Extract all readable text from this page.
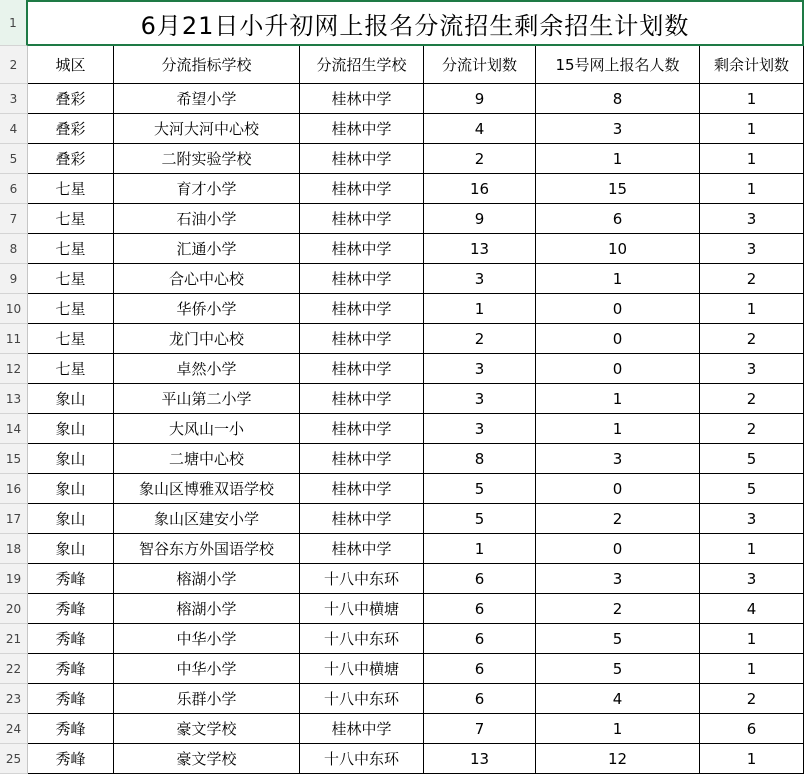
1	6月21日小升初网上报名分流招生剩余招生计划数
2	城区	分流指标学校	分流招生学校	分流计划数	15号网上报名人数	剩余计划数
3	叠彩	希望小学	桂林中学	9	8	1
4	叠彩	大河大河中心校	桂林中学	4	3	1
5	叠彩	二附实验学校	桂林中学	2	1	1
6	七星	育才小学	桂林中学	16	15	1
7	七星	石油小学	桂林中学	9	6	3
8	七星	汇通小学	桂林中学	13	10	3
9	七星	合心中心校	桂林中学	3	1	2
10	七星	华侨小学	桂林中学	1	0	1
11	七星	龙门中心校	桂林中学	2	0	2
12	七星	卓然小学	桂林中学	3	0	3
13	象山	平山第二小学	桂林中学	3	1	2
14	象山	大风山一小	桂林中学	3	1	2
15	象山	二塘中心校	桂林中学	8	3	5
16	象山	象山区博雅双语学校	桂林中学	5	0	5
17	象山	象山区建安小学	桂林中学	5	2	3
18	象山	智谷东方外国语学校	桂林中学	1	0	1
19	秀峰	榕湖小学	十八中东环	6	3	3
20	秀峰	榕湖小学	十八中横塘	6	2	4
21	秀峰	中华小学	十八中东环	6	5	1
22	秀峰	中华小学	十八中横塘	6	5	1
23	秀峰	乐群小学	十八中东环	6	4	2
24	秀峰	豪文学校	桂林中学	7	1	6
25	秀峰	豪文学校	十八中东环	13	12	1
